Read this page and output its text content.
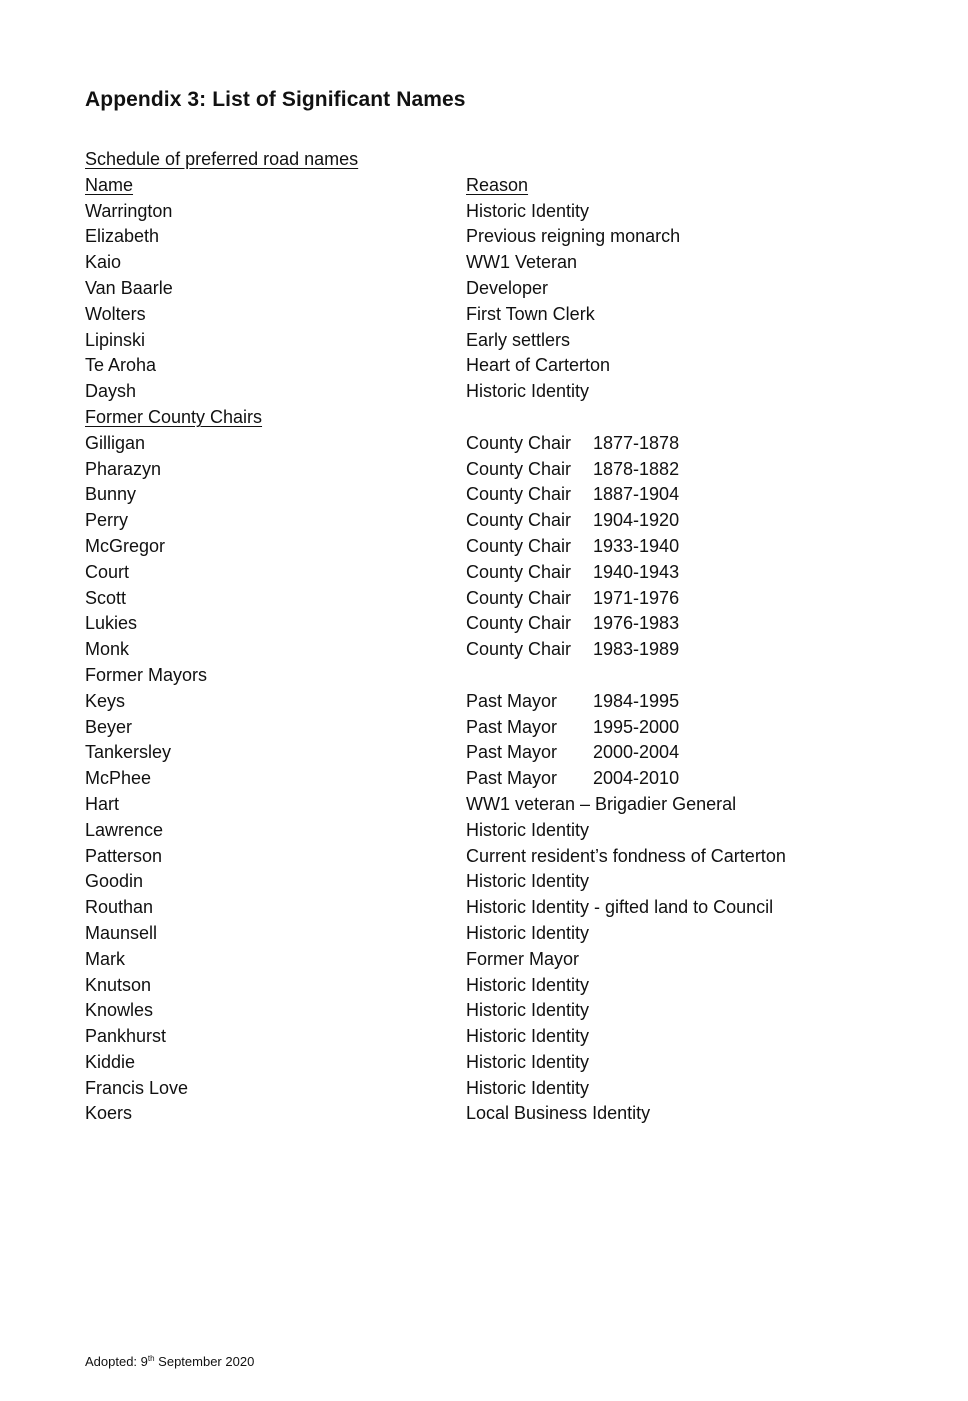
Appendix 3: List of Significant Names
Schedule of preferred road names
Name	Reason
Warrington	Historic Identity
Elizabeth	Previous reigning monarch
Kaio	WW1 Veteran
Van Baarle	Developer
Wolters	First Town Clerk
Lipinski	Early settlers
Te Aroha	Heart of Carterton
Daysh	Historic Identity
Former County Chairs
Gilligan	County Chair	1877-1878
Pharazyn	County Chair	1878-1882
Bunny	County Chair	1887-1904
Perry	County Chair	1904-1920
McGregor	County Chair	1933-1940
Court	County Chair	1940-1943
Scott	County Chair	1971-1976
Lukies	County Chair	1976-1983
Monk	County Chair	1983-1989
Former Mayors
Keys	Past Mayor	1984-1995
Beyer	Past Mayor	1995-2000
Tankersley	Past Mayor	2000-2004
McPhee	Past Mayor	2004-2010
Hart	WW1 veteran – Brigadier General
Lawrence	Historic Identity
Patterson	Current resident’s fondness of Carterton
Goodin	Historic Identity
Routhan	Historic Identity - gifted land to Council
Maunsell	Historic Identity
Mark	Former Mayor
Knutson	Historic Identity
Knowles	Historic Identity
Pankhurst	Historic Identity
Kiddie	Historic Identity
Francis Love	Historic Identity
Koers	Local Business Identity
Adopted: 9th September 2020
